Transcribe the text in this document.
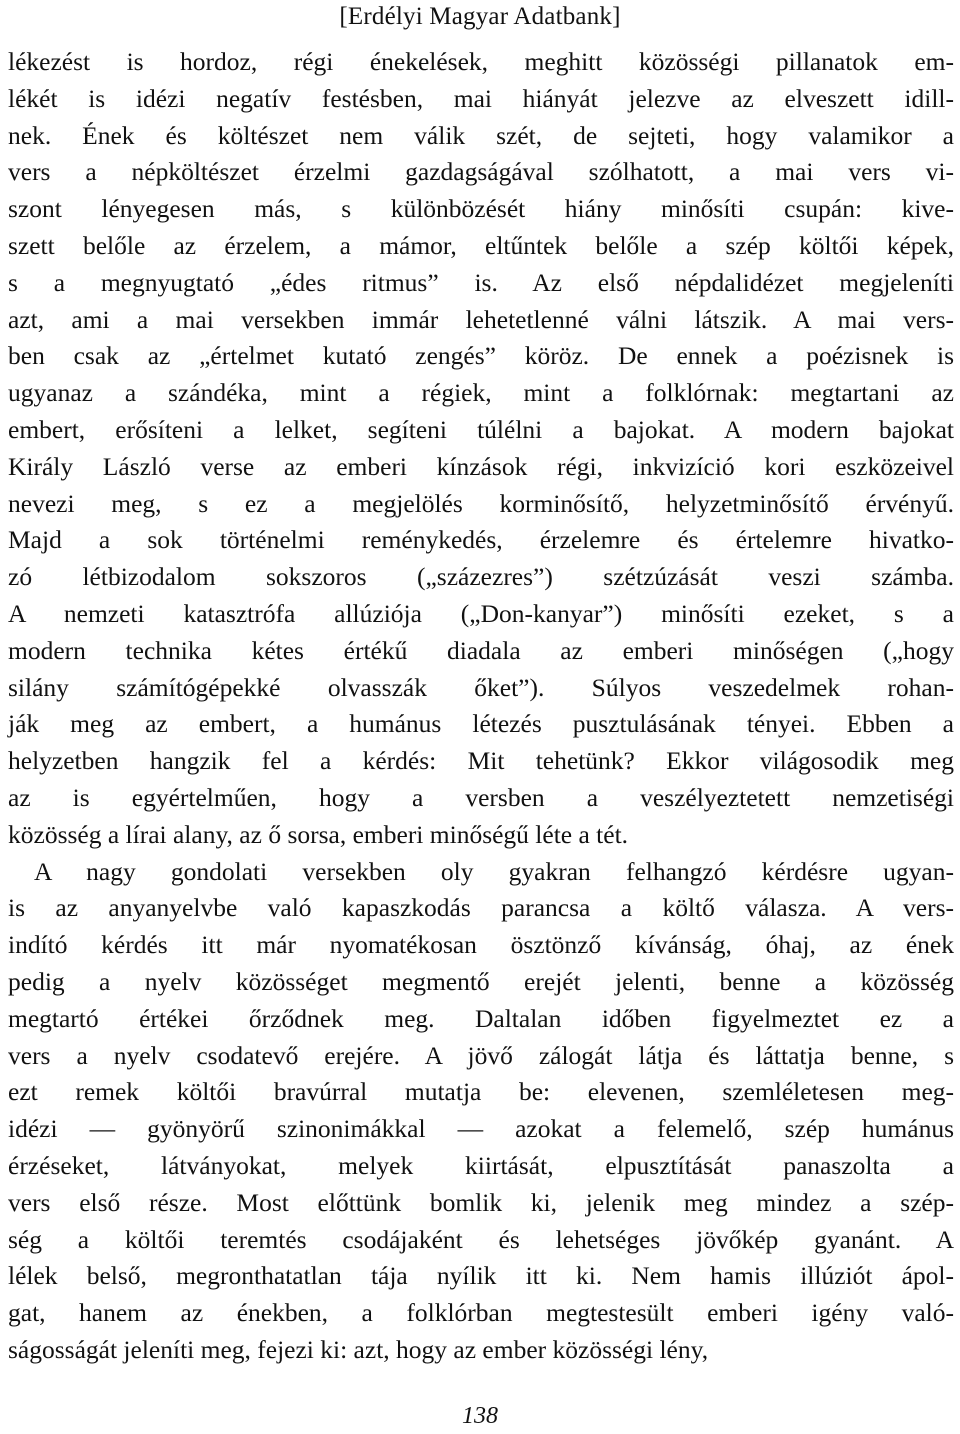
[Erdélyi Magyar Adatbank]
lékezést is hordoz, régi énekelések, meghitt közösségi pillanatok em-
lékét is idézi negatív festésben, mai hiányát jelezve az elveszett idill-
nek. Ének és költészet nem válik szét, de sejteti, hogy valamikor a
vers a népköltészet érzelmi gazdagságával szólhatott, a mai vers vi-
szont lényegesen más, s különbözését hiány minősíti csupán: kive-
szett belőle az érzelem, a mámor, eltűntek belőle a szép költői képek,
s a megnyugtató „édes ritmus” is. Az első népdalidézet megjeleníti
azt, ami a mai versekben immár lehetetlenné válni látszik. A mai vers-
ben csak az „értelmet kutató zengés” köröz. De ennek a poézisnek is
ugyanaz a szándéka, mint a régiek, mint a folklórnak: megtartani az
embert, erősíteni a lelket, segíteni túlélni a bajokat. A modern bajokat
Király László verse az emberi kínzások régi, inkvizíció kori eszközeivel
nevezi meg, s ez a megjelölés korminősítő, helyzetminősítő érvényű.
Majd a sok történelmi reménykedés, érzelemre és értelemre hivatko-
zó létbizodalom sokszoros („százezres”) szétzúzását veszi számba.
A nemzeti katasztrófa allúziója („Don-kanyar”) minősíti ezeket, s a
modern technika kétes értékű diadala az emberi minőségen („hogy
silány számítógépekké olvasszák őket”). Súlyos veszedelmek rohan-
ják meg az embert, a humánus létezés pusztulásának tényei. Ebben a
helyzetben hangzik fel a kérdés: Mit tehetünk? Ekkor világosodik meg
az is egyértelműen, hogy a versben a veszélyeztetett nemzetiségi
közösség a lírai alany, az ő sorsa, emberi minőségű léte a tét.
A nagy gondolati versekben oly gyakran felhangzó kérdésre ugyan-
is az anyanyelvbe való kapaszkodás parancsa a költő válasza. A vers-
indító kérdés itt már nyomatékosan ösztönző kívánság, óhaj, az ének
pedig a nyelv közösséget megmentő erejét jelenti, benne a közösség
megtartó értékei őrződnek meg. Daltalan időben figyelmeztet ez a
vers a nyelv csodatevő erejére. A jövő zálogát látja és láttatja benne, s
ezt remek költői bravúrral mutatja be: elevenen, szemléletesen meg-
idézi — gyönyörű szinonimákkal — azokat a felemelő, szép humánus
érzéseket, látványokat, melyek kiirtását, elpusztítását panaszolta a
vers első része. Most előttünk bomlik ki, jelenik meg mindez a szép-
ség a költői teremtés csodájaként és lehetséges jövőkép gyanánt. A
lélek belső, megronthatatlan tája nyílik itt ki. Nem hamis illúziót ápol-
gat, hanem az énekben, a folklórban megtestesült emberi igény való-
ságosságát jeleníti meg, fejezi ki: azt, hogy az ember közösségi lény,
138
